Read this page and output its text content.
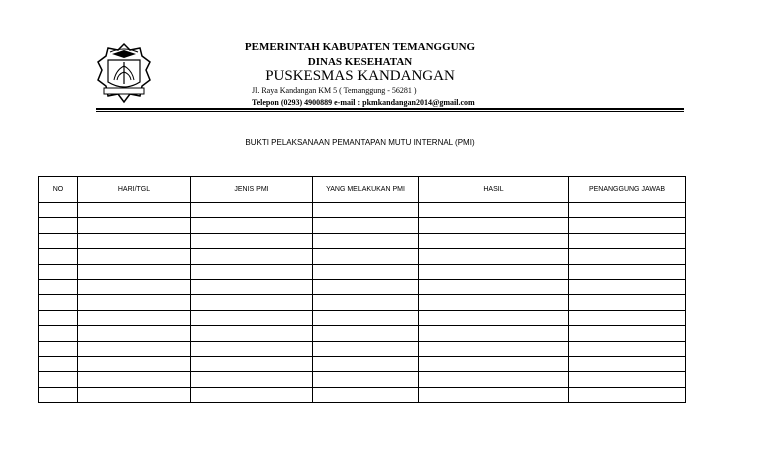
PEMERINTAH KABUPATEN TEMANGGUNG
DINAS KESEHATAN
PUSKESMAS KANDANGAN
Jl. Raya Kandangan KM 5 ( Temanggung - 56281 )
Telepon (0293) 4900889 e-mail : pkmkandangan2014@gmail.com
BUKTI PELAKSANAAN PEMANTAPAN MUTU INTERNAL (PMI)
NO	HARI/TGL	JENIS PMI	YANG MELAKUKAN PMI	HASIL	PENANGGUNG JAWAB
